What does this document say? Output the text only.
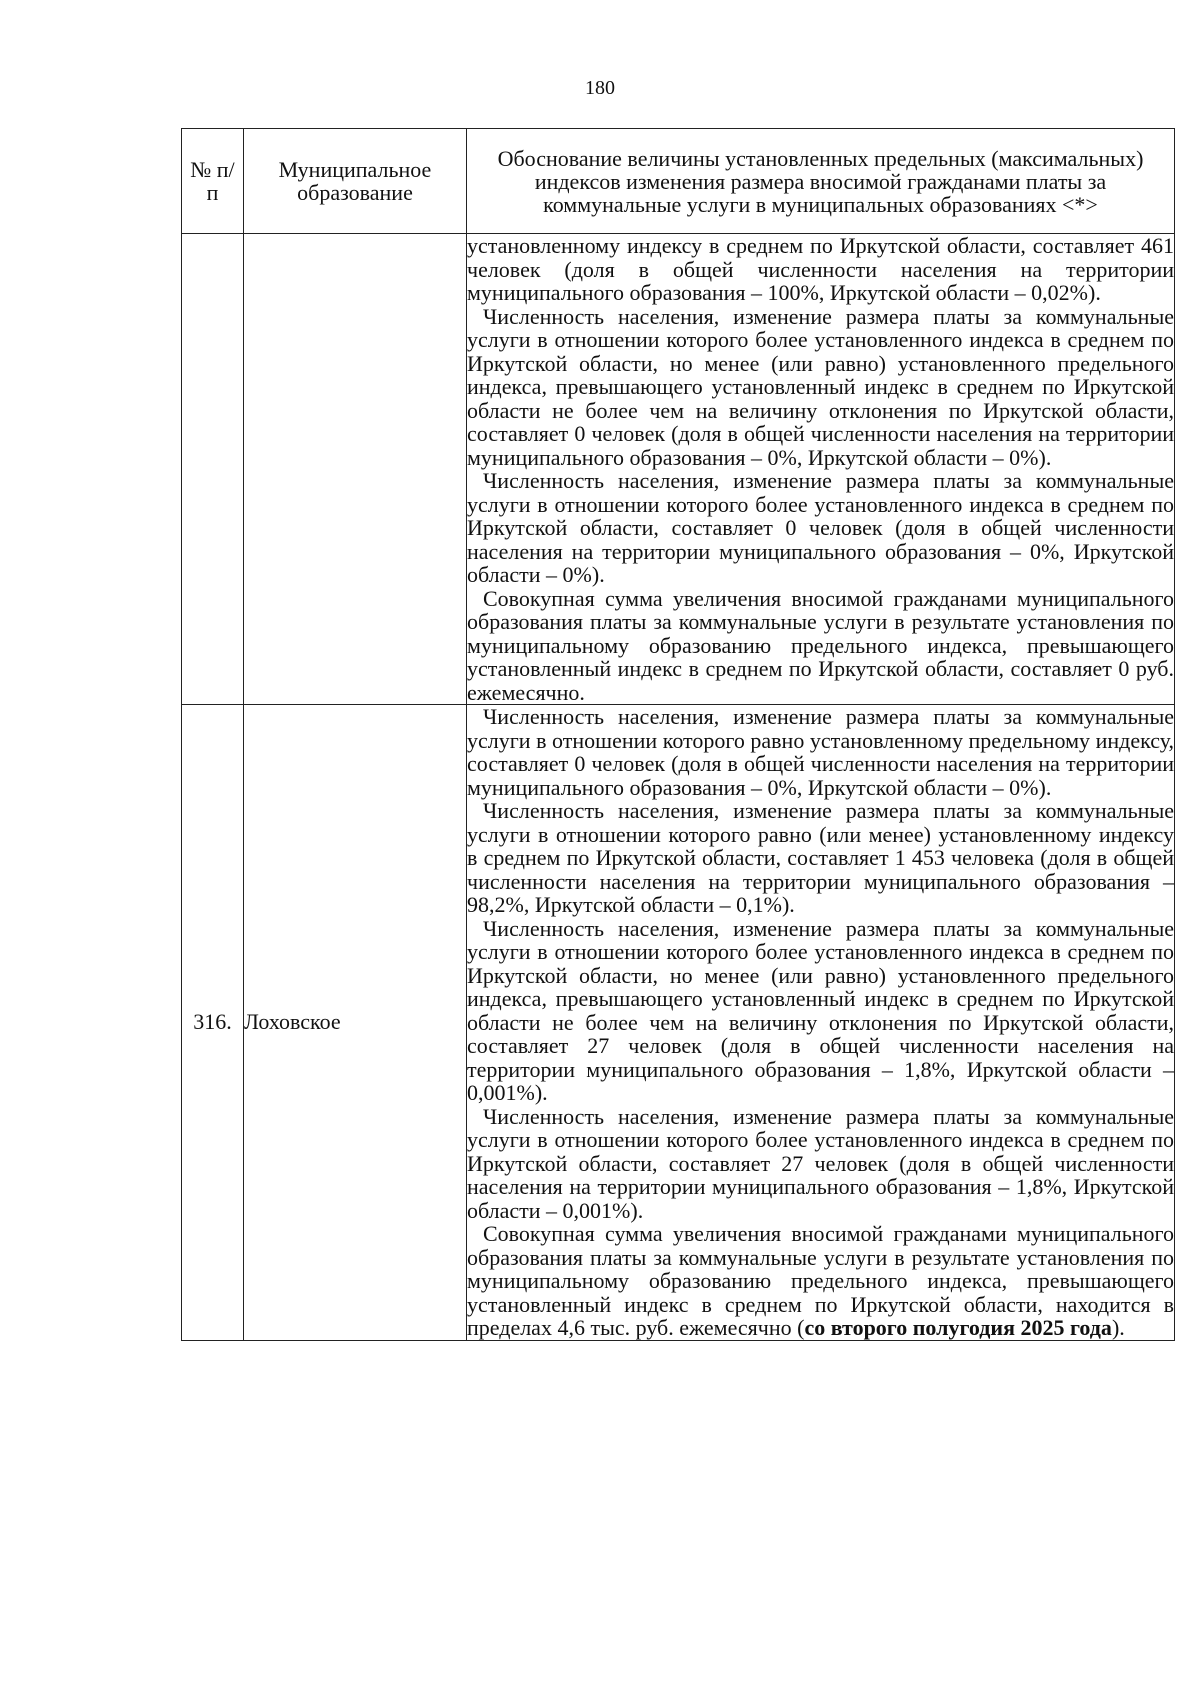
180
№ п/п	Муниципальное образование	Обоснование величины установленных предельных (максимальных) индексов изменения размера вносимой гражданами платы за коммунальные услуги в муниципальных образованиях <*>

		установленному индексу в среднем по Иркутской области, составляет 461 человек (доля в общей численности населения на территории муниципального образования – 100%, Иркутской области – 0,02%).

Численность населения, изменение размера платы за коммунальные услуги в отношении которого более установленного индекса в среднем по Иркутской области, но менее (или равно) установленного предельного индекса, превышающего установленный индекс в среднем по Иркутской области не более чем на величину отклонения по Иркутской области, составляет 0 человек (доля в общей численности населения на территории муниципального образования – 0%, Иркутской области – 0%).

Численность населения, изменение размера платы за коммунальные услуги в отношении которого более установленного индекса в среднем по Иркутской области, составляет 0 человек (доля в общей численности населения на территории муниципального образования – 0%, Иркутской области – 0%).

Совокупная сумма увеличения вносимой гражданами муниципального образования платы за коммунальные услуги в результате установления по муниципальному образованию предельного индекса, превышающего установленный индекс в среднем по Иркутской области, составляет 0 руб. ежемесячно.

316.	Лоховское	Численность населения, изменение размера платы за коммунальные услуги в отношении которого равно установленному предельному индексу, составляет 0 человек (доля в общей численности населения на территории муниципального образования – 0%, Иркутской области – 0%).

Численность населения, изменение размера платы за коммунальные услуги в отношении которого равно (или менее) установленному индексу в среднем по Иркутской области, составляет 1 453 человека (доля в общей численности населения на территории муниципального образования – 98,2%, Иркутской области – 0,1%).

Численность населения, изменение размера платы за коммунальные услуги в отношении которого более установленного индекса в среднем по Иркутской области, но менее (или равно) установленного предельного индекса, превышающего установленный индекс в среднем по Иркутской области не более чем на величину отклонения по Иркутской области, составляет 27 человек (доля в общей численности населения на территории муниципального образования – 1,8%, Иркутской области – 0,001%).

Численность населения, изменение размера платы за коммунальные услуги в отношении которого более установленного индекса в среднем по Иркутской области, составляет 27 человек (доля в общей численности населения на территории муниципального образования – 1,8%, Иркутской области – 0,001%).

Совокупная сумма увеличения вносимой гражданами муниципального образования платы за коммунальные услуги в результате установления по муниципальному образованию предельного индекса, превышающего установленный индекс в среднем по Иркутской области, находится в пределах 4,6 тыс. руб. ежемесячно (со второго полугодия 2025 года).
